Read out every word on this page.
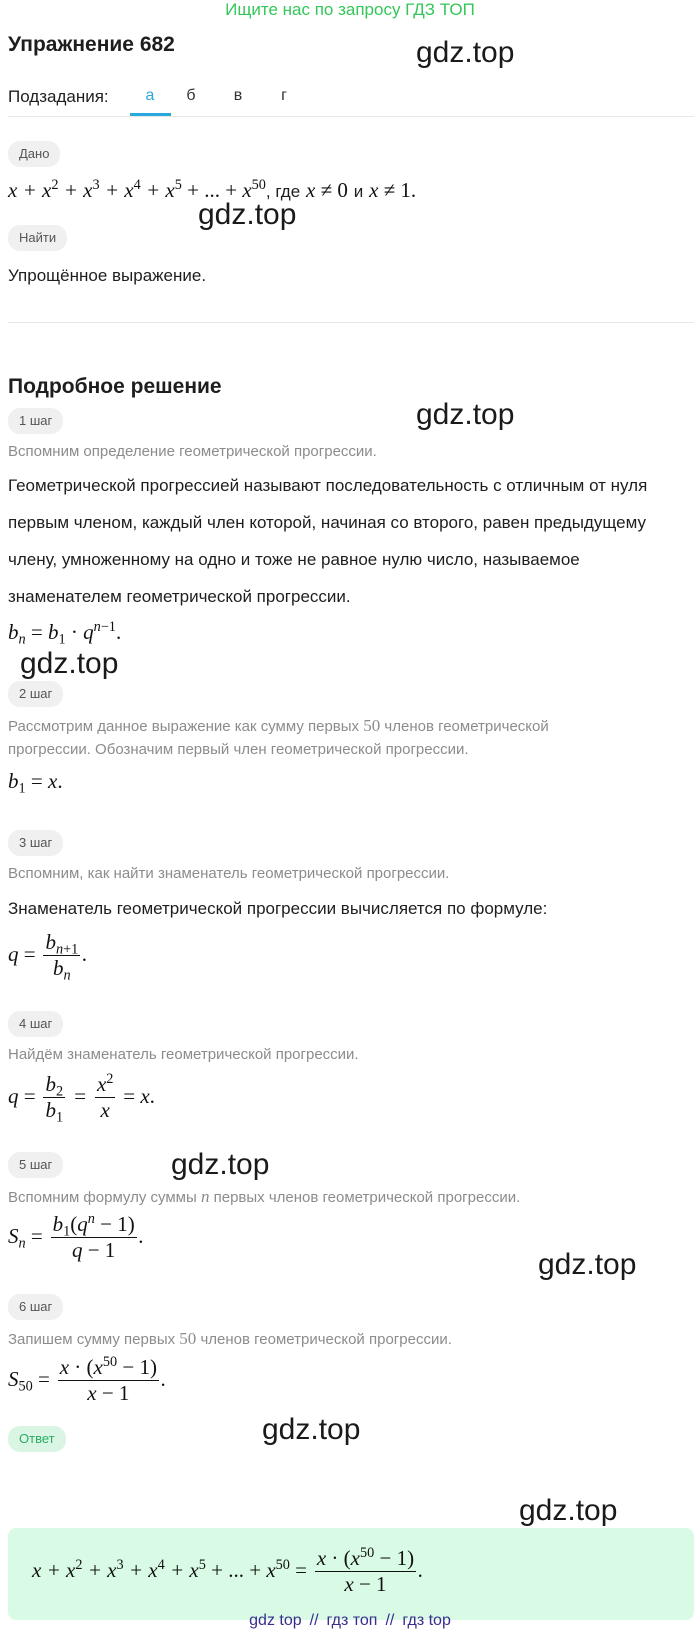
Ищите нас по запросу ГДЗ ТОП
Упражнение 682	gdz.top
Подзадания:	а	б	в	г
Дано
$x + x^2 + x^3 + x^4 + x^5$ + ... + $x^{50}$, где x ≠ 0 и x ≠ 1.
gdz.top
Найти
Упрощённое выражение.
Подробное решение
1 шаг	gdz.top
Вспомним определение геометрической прогрессии.
Геометрической прогрессией называют последовательность с отличным от нуля первым членом, каждый член которой, начиная со второго, равен предыдущему члену, умноженному на одно и тоже не равное нулю число, называемое знаменателем геометрической прогрессии.
$b_n = b_1 \cdot q^{n-1}$.
gdz.top
2 шаг
Рассмотрим данное выражение как сумму первых 50 членов геометрической прогрессии. Обозначим первый член геометрической прогрессии.
$b_1 = x$.
3 шаг
Вспомним, как найти знаменатель геометрической прогрессии.
Знаменатель геометрической прогрессии вычисляется по формуле:
$q = \frac{b_{n+1}}{b_n}$ .
4 шаг
Найдём знаменатель геометрической прогрессии.
$q = \frac{b_2}{b_1} = \frac{x^2}{x} = x$.
5 шаг	gdz.top
Вспомним формулу суммы n первых членов геометрической прогрессии.
$S_n = \frac{b_1(q^n - 1)}{q - 1}$ .
gdz.top
6 шаг
Запишем сумму первых 50 членов геометрической прогрессии.
$S_{50} = \frac{x \cdot (x^{50} - 1)}{x - 1}$ .
Ответ	gdz.top
$x + x^2 + x^3 + x^4 + x^5$ + ... + $x^{50} = \frac{x \cdot (x^{50} - 1)}{x - 1}$ .
gdz.top
gdz top // гдз топ // гдз top
